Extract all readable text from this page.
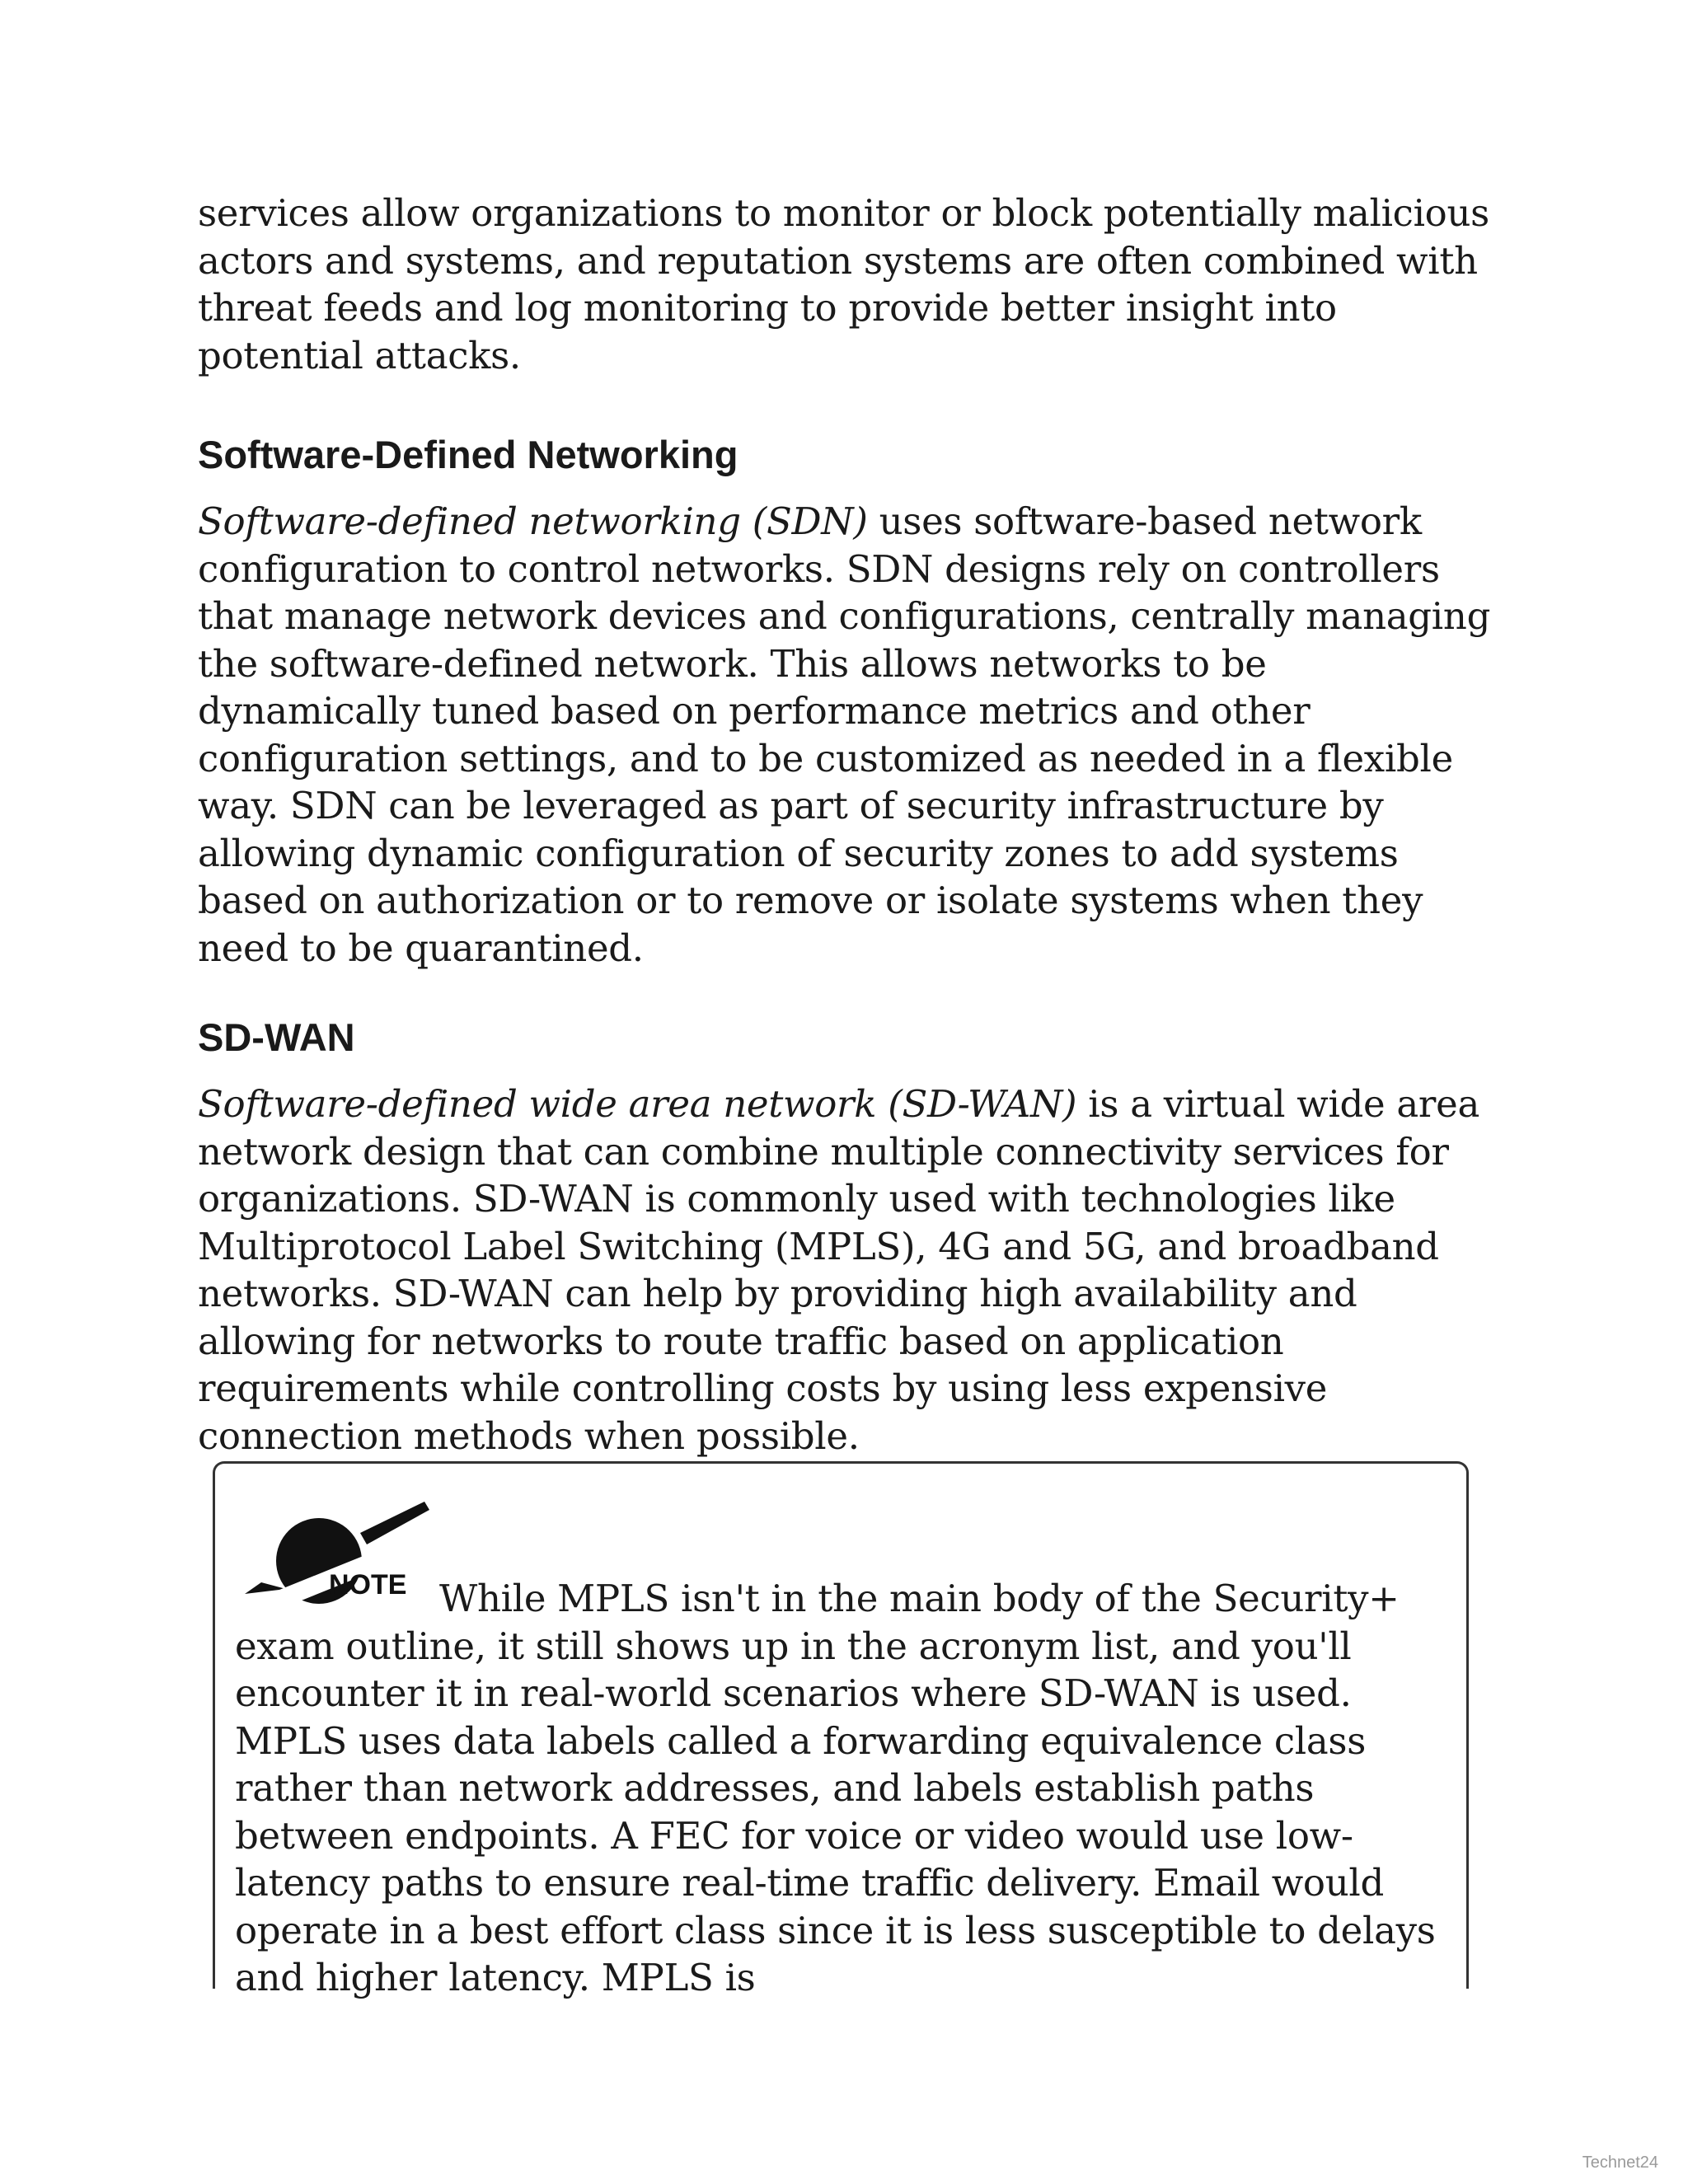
services allow organizations to monitor or block potentially malicious actors and systems, and reputation systems are often combined with threat feeds and log monitoring to provide better insight into potential attacks.

Software-Defined Networking

Software-defined networking (SDN) uses software-based network configuration to control networks. SDN designs rely on controllers that manage network devices and configurations, centrally managing the software-defined network. This allows networks to be dynamically tuned based on performance metrics and other configuration settings, and to be customized as needed in a flexible way. SDN can be leveraged as part of security infrastructure by allowing dynamic configuration of security zones to add systems based on authorization or to remove or isolate systems when they need to be quarantined.

SD-WAN

Software-defined wide area network (SD-WAN) is a virtual wide area network design that can combine multiple connectivity services for organizations. SD-WAN is commonly used with technologies like Multiprotocol Label Switching (MPLS), 4G and 5G, and broadband networks. SD-WAN can help by providing high availability and allowing for networks to route traffic based on application requirements while controlling costs by using less expensive connection methods when possible.

NOTE While MPLS isn't in the main body of the Security+ exam outline, it still shows up in the acronym list, and you'll encounter it in real-world scenarios where SD-WAN is used. MPLS uses data labels called a forwarding equivalence class rather than network addresses, and labels establish paths between endpoints. A FEC for voice or video would use low-latency paths to ensure real-time traffic delivery. Email would operate in a best effort class since it is less susceptible to delays and higher latency. MPLS is

Technet24
